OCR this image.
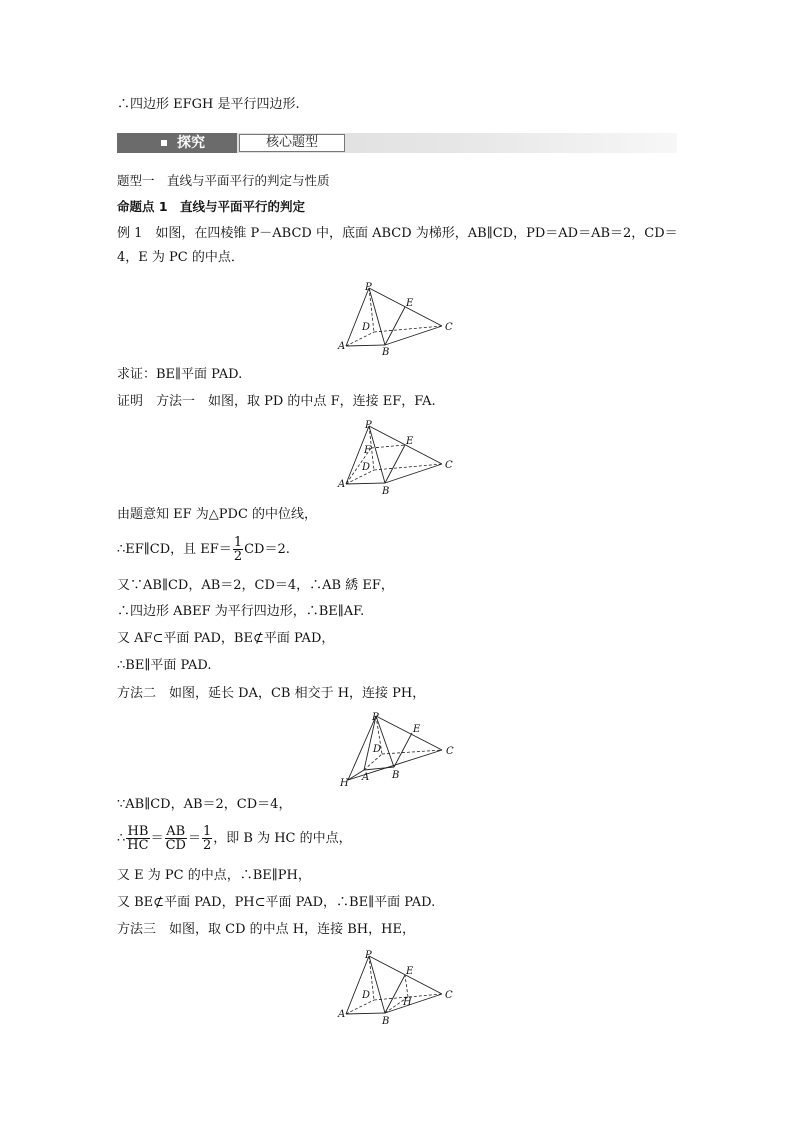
∴四边形 EFGH 是平行四边形.
探究	核心题型
题型一　直线与平面平行的判定与性质
命题点 1　直线与平面平行的判定
例 1　如图，在四棱锥 P－ABCD 中，底面 ABCD 为梯形，AB∥CD，PD＝AD＝AB＝2，CD＝
4，E 为 PC 的中点．
P
A
B
C
D
E
求证：BE∥平面 PAD.
证明　方法一　如图，取 PD 的中点 F，连接 EF，FA.
P
A
B
C
D
E
F
由题意知 EF 为△PDC 的中位线，
∴EF∥CD，且 $EF= \frac{1}{2} CD=2$.
又∵AB∥CD，AB＝2，CD＝4，∴AB 綉 EF，
∴四边形 ABEF 为平行四边形，∴BE∥AF.
又 AF⊂平面 PAD，BE⊄平面 PAD，
∴BE∥平面 PAD.
方法二　如图，延长 DA，CB 相交于 H，连接 PH，
P
H
A B
C
D
E
∵AB∥CD，AB＝2，CD＝4，
∴ $\frac{HB}{HC} = \frac{AB}{CD} = \frac{1}{2}$ ，即 B 为 HC 的中点，
又 E 为 PC 的中点，∴BE∥PH，
又 BE⊄平面 PAD，PH⊂平面 PAD，∴BE∥平面 PAD.
方法三　如图，取 CD 的中点 H，连接 BH，HE，
P
A
B
C
D
E
H
